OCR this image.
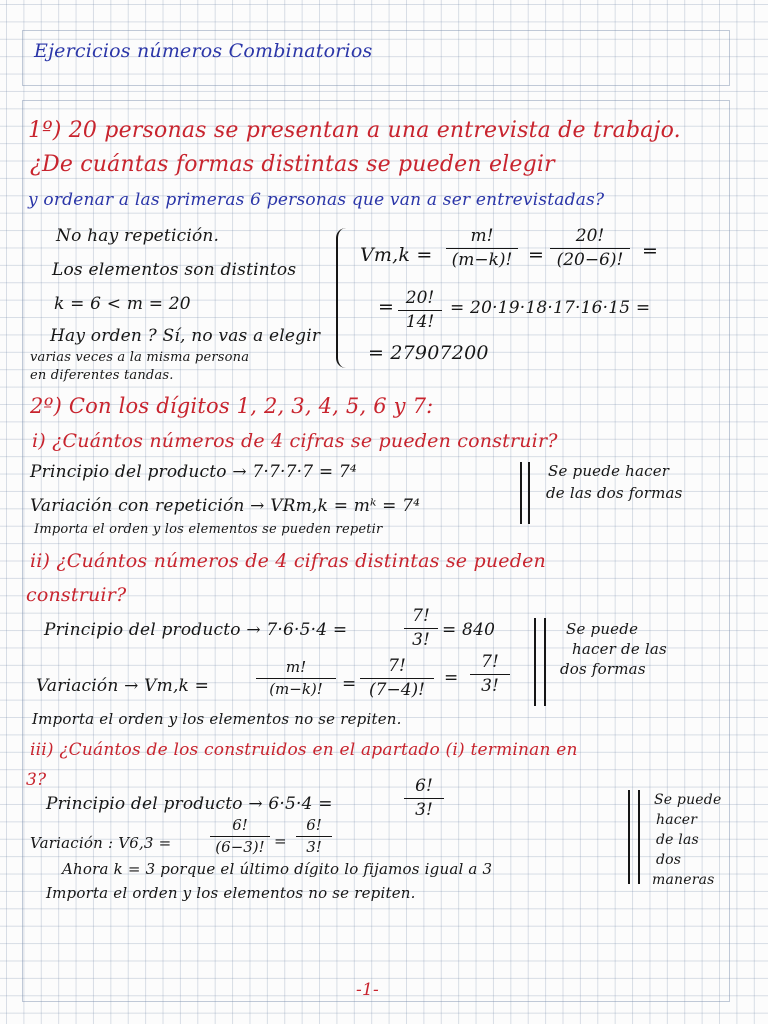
Ejercicios números Combinatorios
1º) 20 personas se presentan a una entrevista de trabajo.
¿De cuántas formas distintas se pueden elegir
y ordenar a las primeras 6 personas que van a ser entrevistadas?
No hay repetición.
Los elementos son distintos
k = 6 < m = 20
Hay orden ? Sí, no vas a elegir
varias veces a la misma persona
en diferentes tandas.
Vm,k =
m!
(m−k)! =
20!
(20−6)! =
= 20!
14!
= 20·19·18·17·16·15 =
= 27907200
2º) Con los dígitos 1, 2, 3, 4, 5, 6 y 7:
i) ¿Cuántos números de 4 cifras se pueden construir?
Principio del producto → 7·7·7·7 = 7⁴
Variación con repetición → VRm,k = mᵏ = 7⁴
Importa el orden y los elementos se pueden repetir
Se puede hacer
de las dos formas
ii) ¿Cuántos números de 4 cifras distintas se pueden
construir?
Principio del producto → 7·6·5·4 =
7!
3! = 840
Variación → Vm,k =
m!
(m−k)!	=
7!
(7−4)!
=
7!
3!
Importa el orden y los elementos no se repiten.
Se puede
hacer de las
dos formas
iii) ¿Cuántos de los construidos en el apartado (i) terminan en
3?
Principio del producto → 6·5·4 =
6!
3!
Variación : V6,3 =
6!
(6−3)! =
6!
3!
Ahora k = 3 porque el último dígito lo fijamos igual a 3
Importa el orden y los elementos no se repiten.
Se puede
hacer
de las
dos
maneras
-1-
